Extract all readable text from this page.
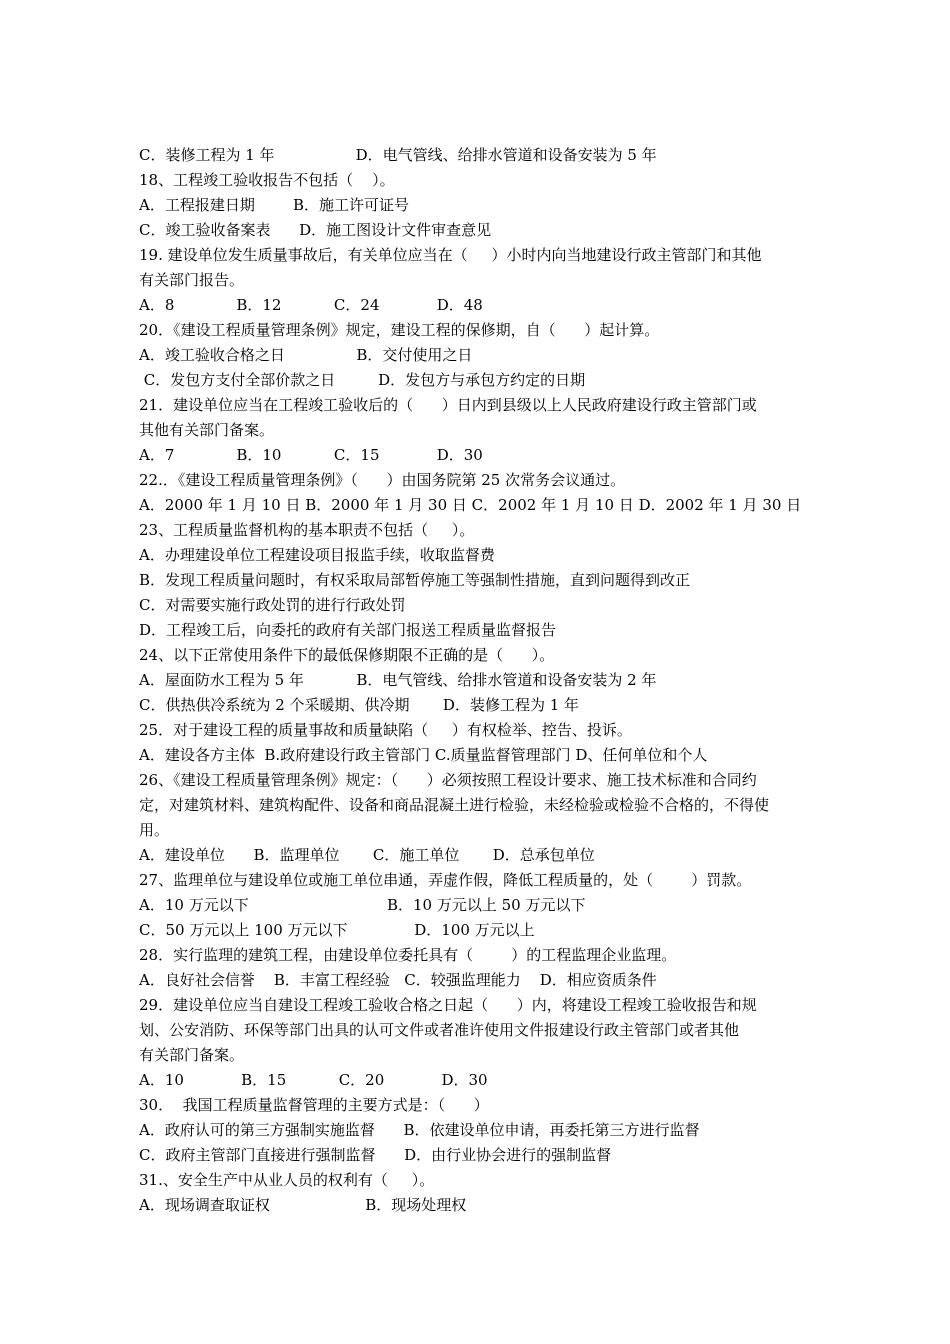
C．装修工程为 1 年                 D．电气管线、给排水管道和设备安装为 5 年
18、工程竣工验收报告不包括（    ）。
A．工程报建日期        B．施工许可证号
C．竣工验收备案表      D．施工图设计文件审查意见
19. 建设单位发生质量事故后，有关单位应当在（     ）小时内向当地建设行政主管部门和其他
有关部门报告。
A．8             B．12           C．24            D．48
20．《建设工程质量管理条例》规定，建设工程的保修期，自（      ）起计算。
A．竣工验收合格之日               B．交付使用之日
C．发包方支付全部价款之日         D．发包方与承包方约定的日期
21．建设单位应当在工程竣工验收后的（      ）日内到县级以上人民政府建设行政主管部门或
其他有关部门备案。
A．7             B．10           C．15            D．30
22.．《建设工程质量管理条例》（      ）由国务院第 25 次常务会议通过。
A．2000 年 1 月 10 日 B．2000 年 1 月 30 日 C．2002 年 1 月 10 日 D．2002 年 1 月 30 日
23、工程质量监督机构的基本职责不包括（     ）。
A．办理建设单位工程建设项目报监手续，收取监督费
B．发现工程质量问题时，有权采取局部暂停施工等强制性措施，直到问题得到改正
C．对需要实施行政处罚的进行行政处罚
D．工程竣工后，向委托的政府有关部门报送工程质量监督报告
24、以下正常使用条件下的最低保修期限不正确的是（      ）。
A．屋面防水工程为 5 年           B．电气管线、给排水管道和设备安装为 2 年
C．供热供冷系统为 2 个采暖期、供冷期       D．装修工程为 1 年
25．对于建设工程的质量事故和质量缺陷（     ）有权检举、控告、投诉。
A．建设各方主体  B.政府建设行政主管部门 C.质量监督管理部门 D、任何单位和个人
26、《建设工程质量管理条例》规定：（      ）必须按照工程设计要求、施工技术标准和合同约
定，对建筑材料、建筑构配件、设备和商品混凝土进行检验，未经检验或检验不合格的，不得使
用。
A．建设单位      B．监理单位       C．施工单位       D．总承包单位
27、监理单位与建设单位或施工单位串通，弄虚作假，降低工程质量的，处（        ）罚款。
A．10 万元以下                             B．10 万元以上 50 万元以下
C．50 万元以上 100 万元以下              D．100 万元以上
28．实行监理的建筑工程，由建设单位委托具有（        ）的工程监理企业监理。
A．良好社会信誉    B．丰富工程经验   C．较强监理能力    D．相应资质条件
29．建设单位应当自建设工程竣工验收合格之日起（      ）内，将建设工程竣工验收报告和规
划、公安消防、环保等部门出具的认可文件或者准许使用文件报建设行政主管部门或者其他
有关部门备案。
A．10            B．15           C．20            D．30
30．  我国工程质量监督管理的主要方式是：（      ）
A．政府认可的第三方强制实施监督      B．依建设单位申请，再委托第三方进行监督
C．政府主管部门直接进行强制监督      D．由行业协会进行的强制监督
31.、安全生产中从业人员的权利有（     ）。
A．现场调查取证权                    B．现场处理权
